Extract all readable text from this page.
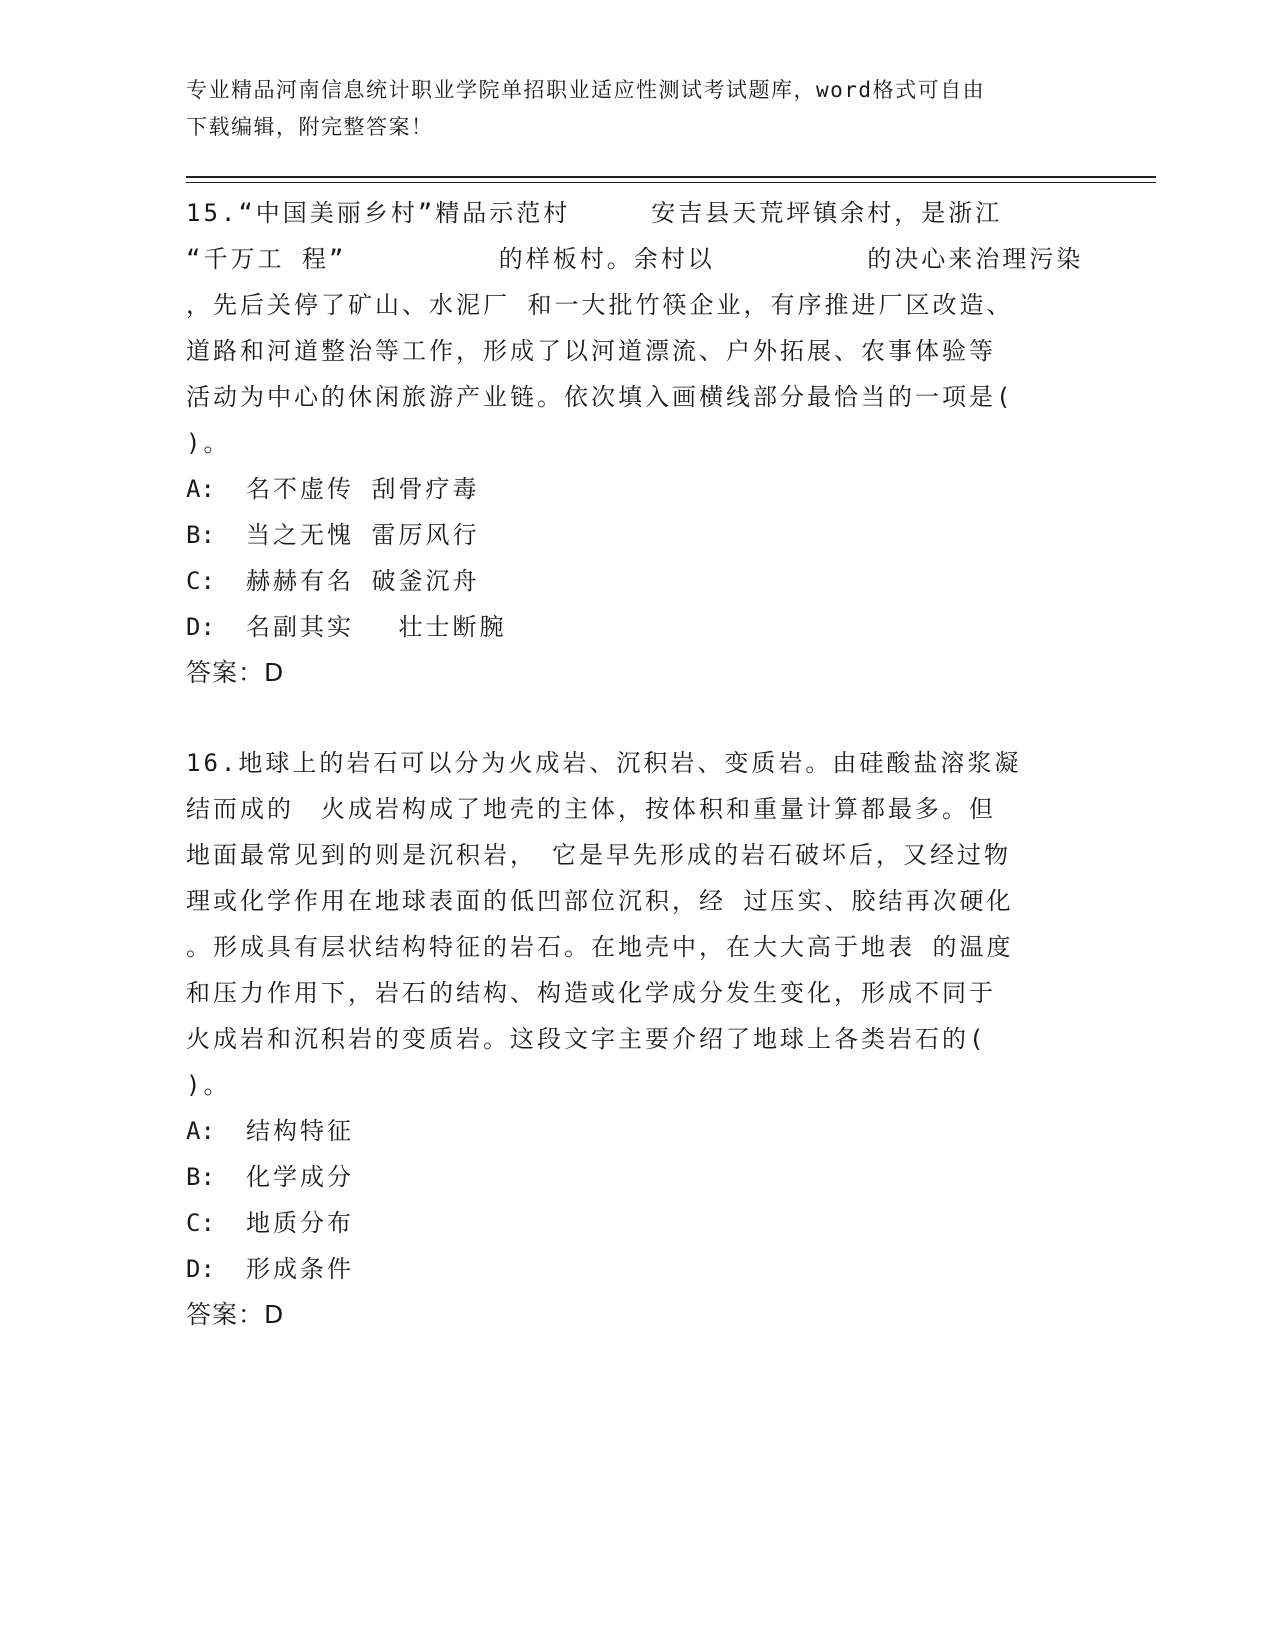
专业精品河南信息统计职业学院单招职业适应性测试考试题库，word格式可自由
下载编辑，附完整答案！

15.“中国美丽乡村”精品示范村　　　安吉县天荒坪镇余村，是浙江

“千万工 程”　　　　　 的样板村。余村以　　　　　 的决心来治理污染

，先后关停了矿山、水泥厂 和一大批竹筷企业，有序推进厂区改造、

道路和河道整治等工作，形成了以河道漂流、户外拓展、农事体验等

活动为中心的休闲旅游产业链。依次填入画横线部分最恰当的一项是(

)。

A:	名不虚传 刮骨疗毒
B:	当之无愧 雷厉风行
C:	赫赫有名 破釜沉舟
D:	名副其实　 壮士断腕
答案：D

16.地球上的岩石可以分为火成岩、沉积岩、变质岩。由硅酸盐溶浆凝

结而成的　火成岩构成了地壳的主体，按体积和重量计算都最多。但

地面最常见到的则是沉积岩，　它是早先形成的岩石破坏后，又经过物

理或化学作用在地球表面的低凹部位沉积，经 过压实、胶结再次硬化

。形成具有层状结构特征的岩石。在地壳中，在大大高于地表 的温度

和压力作用下，岩石的结构、构造或化学成分发生变化，形成不同于

火成岩和沉积岩的变质岩。这段文字主要介绍了地球上各类岩石的(

)。

A:	结构特征
B:	化学成分
C:	地质分布
D:	形成条件
答案：D
